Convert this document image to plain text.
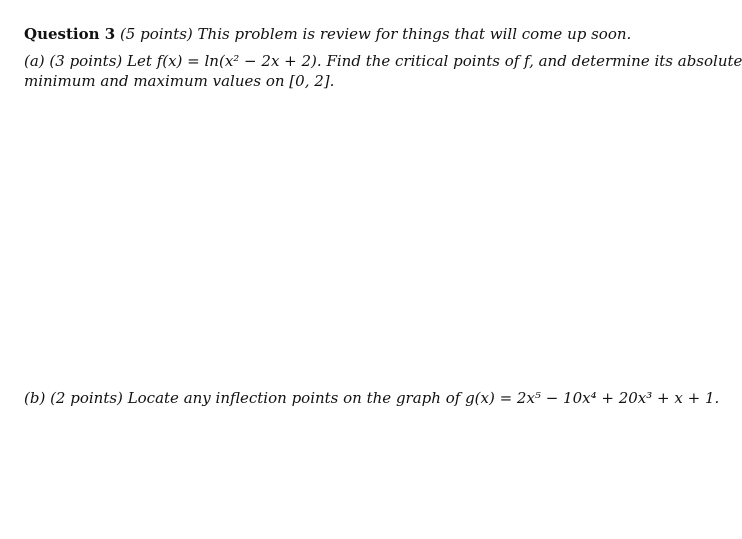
Question 3 (5 points) This problem is review for things that will come up soon.
(a) (3 points) Let f(x) = ln(x² − 2x + 2). Find the critical points of f, and determine its absolute
minimum and maximum values on [0, 2].
(b) (2 points) Locate any inflection points on the graph of g(x) = 2x⁵ − 10x⁴ + 20x³ + x + 1.
